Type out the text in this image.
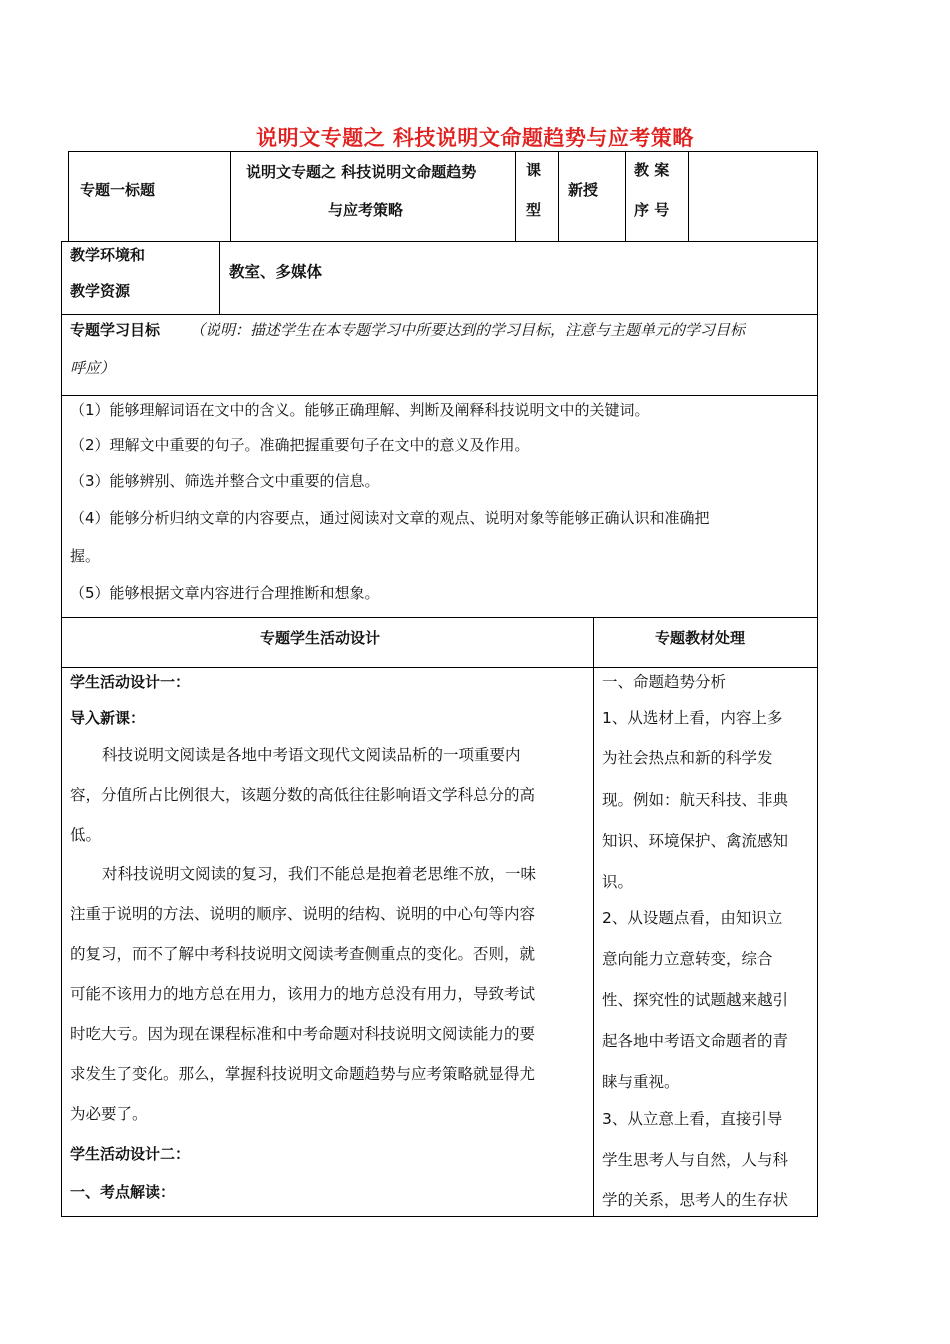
说明文专题之 科技说明文命题趋势与应考策略
专题一标题
说明文专题之 科技说明文命题趋势
与应考策略
课
型
新授
教 案
序 号
教学环境和
教学资源
教室、多媒体
专题学习目标 （说明：描述学生在本专题学习中所要达到的学习目标，注意与主题单元的学习目标
呼应）
（1）能够理解词语在文中的含义。能够正确理解、判断及阐释科技说明文中的关键词。
（2）理解文中重要的句子。准确把握重要句子在文中的意义及作用。
（3）能够辨别、筛选并整合文中重要的信息。
（4）能够分析归纳文章的内容要点，通过阅读对文章的观点、说明对象等能够正确认识和准确把
握。
（5）能够根据文章内容进行合理推断和想象。
专题学生活动设计	专题教材处理
学生活动设计一：
导入新课：
科技说明文阅读是各地中考语文现代文阅读品析的一项重要内
容，分值所占比例很大，该题分数的高低往往影响语文学科总分的高
低。
对科技说明文阅读的复习，我们不能总是抱着老思维不放，一味
注重于说明的方法、说明的顺序、说明的结构、说明的中心句等内容
的复习，而不了解中考科技说明文阅读考查侧重点的变化。否则，就
可能不该用力的地方总在用力，该用力的地方总没有用力，导致考试
时吃大亏。因为现在课程标准和中考命题对科技说明文阅读能力的要
求发生了变化。那么，掌握科技说明文命题趋势与应考策略就显得尤
为必要了。
学生活动设计二：
一、考点解读：
一、命题趋势分析
1、从选材上看，内容上多
为社会热点和新的科学发
现。例如：航天科技、非典
知识、环境保护、禽流感知
识。
2、从设题点看，由知识立
意向能力立意转变，综合
性、探究性的试题越来越引
起各地中考语文命题者的青
睐与重视。
3、从立意上看，直接引导
学生思考人与自然，人与科
学的关系，思考人的生存状
